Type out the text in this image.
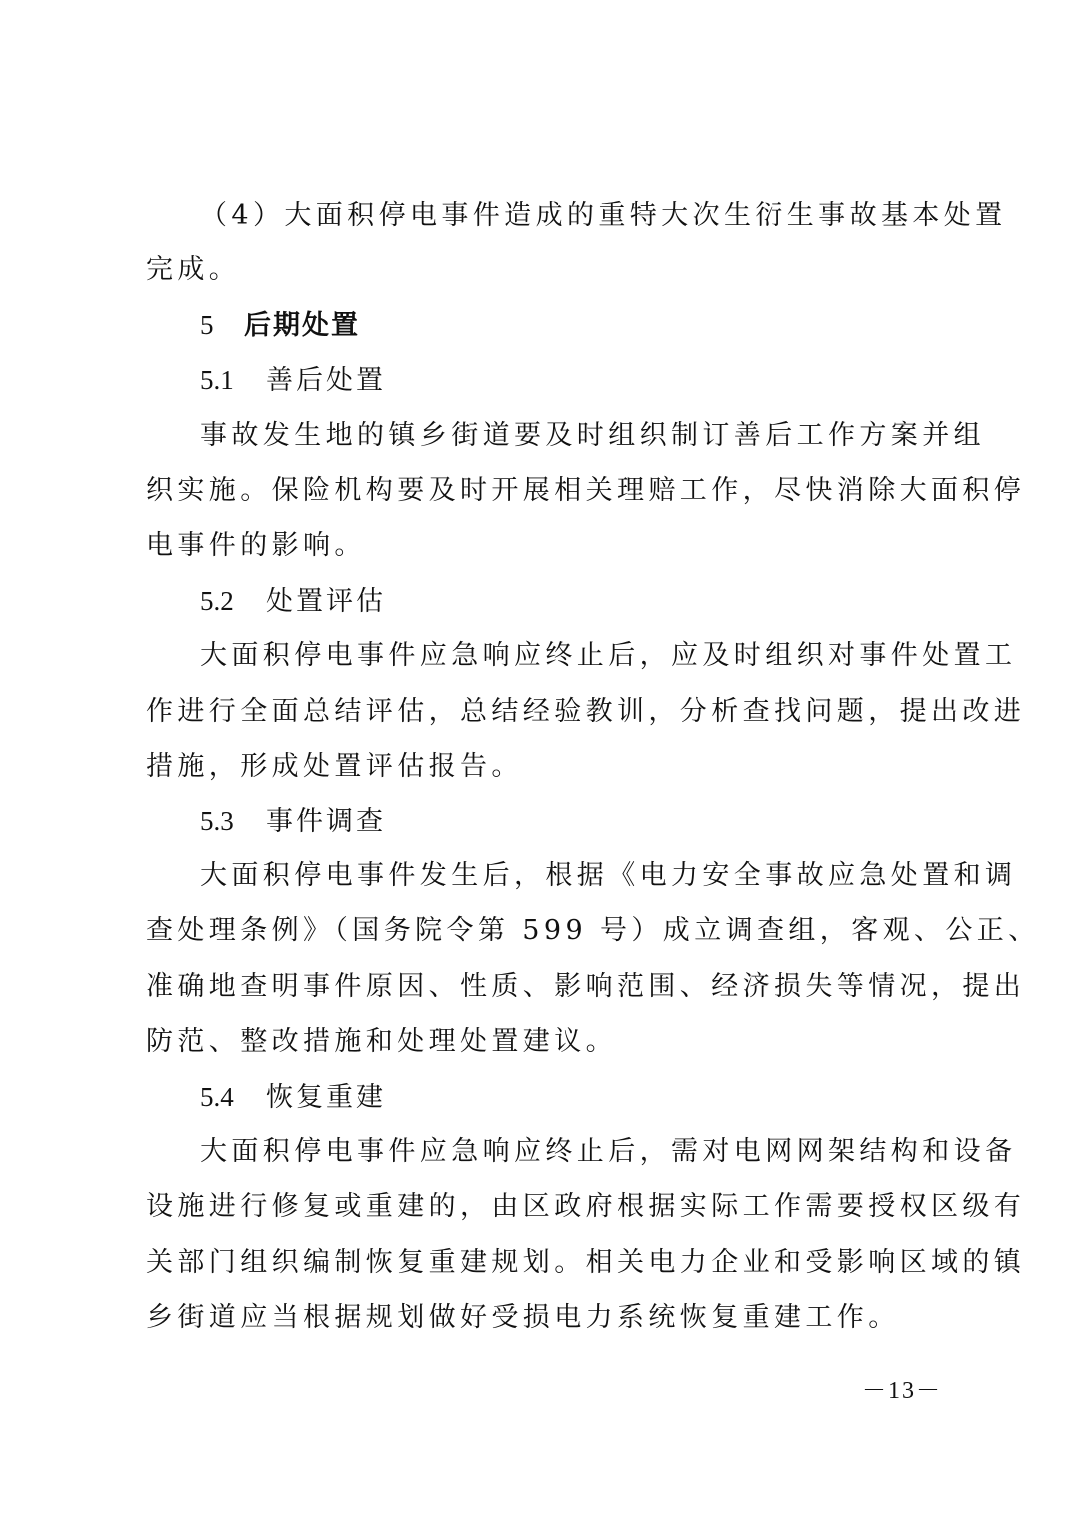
（4）大面积停电事件造成的重特大次生衍生事故基本处置
完成。
5 后期处置
5.1 善后处置
事故发生地的镇乡街道要及时组织制订善后工作方案并组
织实施。保险机构要及时开展相关理赔工作，尽快消除大面积停
电事件的影响。
5.2 处置评估
大面积停电事件应急响应终止后，应及时组织对事件处置工
作进行全面总结评估，总结经验教训，分析查找问题，提出改进
措施，形成处置评估报告。
5.3 事件调查
大面积停电事件发生后，根据《电力安全事故应急处置和调
查处理条例》（国务院令第 599 号）成立调查组，客观、公正、
准确地查明事件原因、性质、影响范围、经济损失等情况，提出
防范、整改措施和处理处置建议。
5.4 恢复重建
大面积停电事件应急响应终止后，需对电网网架结构和设备
设施进行修复或重建的，由区政府根据实际工作需要授权区级有
关部门组织编制恢复重建规划。相关电力企业和受影响区域的镇
乡街道应当根据规划做好受损电力系统恢复重建工作。
－13－
